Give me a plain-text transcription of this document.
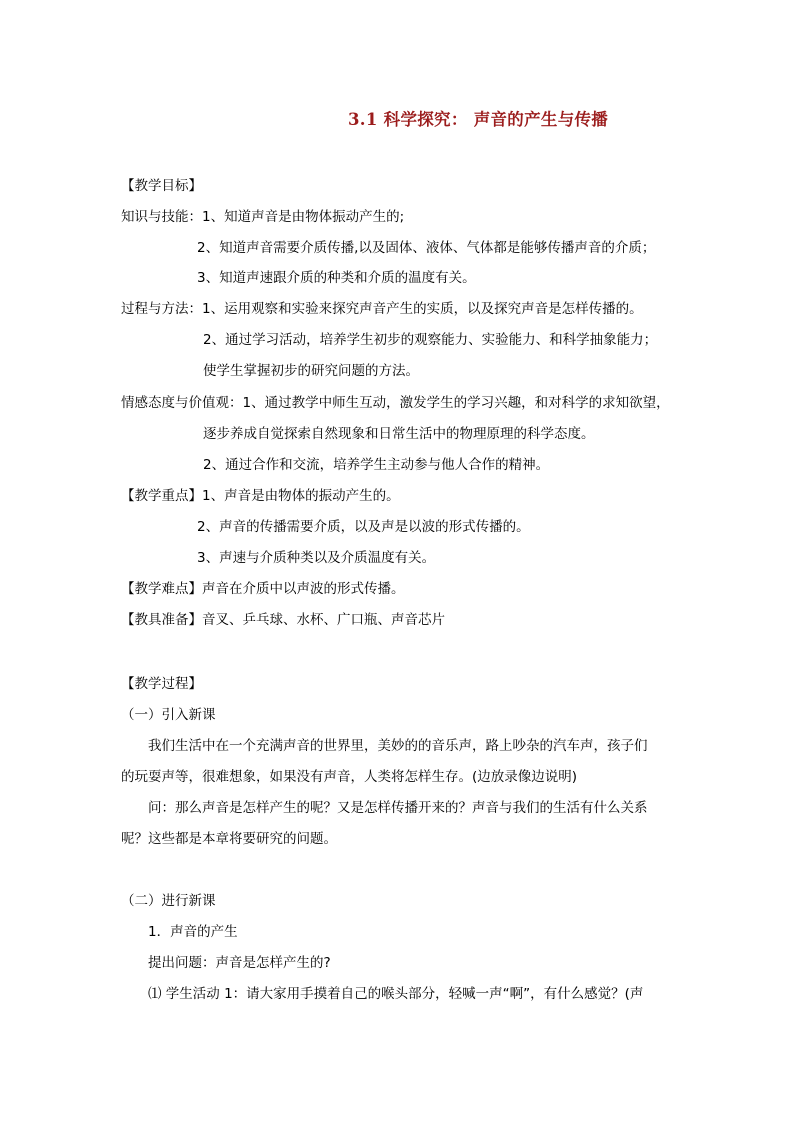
3.1 科学探究： 声音的产生与传播
【教学目标】
知识与技能：1、知道声音是由物体振动产生的;
2、知道声音需要介质传播,以及固体、液体、气体都是能够传播声音的介质；
3、知道声速跟介质的种类和介质的温度有关。
过程与方法：1、运用观察和实验来探究声音产生的实质，以及探究声音是怎样传播的。
2、通过学习活动，培养学生初步的观察能力、实验能力、和科学抽象能力；
使学生掌握初步的研究问题的方法。
情感态度与价值观：1、通过教学中师生互动，激发学生的学习兴趣，和对科学的求知欲望，
逐步养成自觉探索自然现象和日常生活中的物理原理的科学态度。
2、通过合作和交流，培养学生主动参与他人合作的精神。
【教学重点】1、声音是由物体的振动产生的。
2、声音的传播需要介质，以及声是以波的形式传播的。
3、声速与介质种类以及介质温度有关。
【教学难点】声音在介质中以声波的形式传播。
【教具准备】音叉、乒乓球、水杯、广口瓶、声音芯片
【教学过程】
（一）引入新课
我们生活中在一个充满声音的世界里，美妙的的音乐声，路上吵杂的汽车声，孩子们
的玩耍声等，很难想象，如果没有声音，人类将怎样生存。(边放录像边说明)
问：那么声音是怎样产生的呢？又是怎样传播开来的？声音与我们的生活有什么关系
呢？这些都是本章将要研究的问题。
（二）进行新课
1．声音的产生
提出问题：声音是怎样产生的?
⑴ 学生活动 1：请大家用手摸着自己的喉头部分，轻喊一声“啊”，有什么感觉？(声
